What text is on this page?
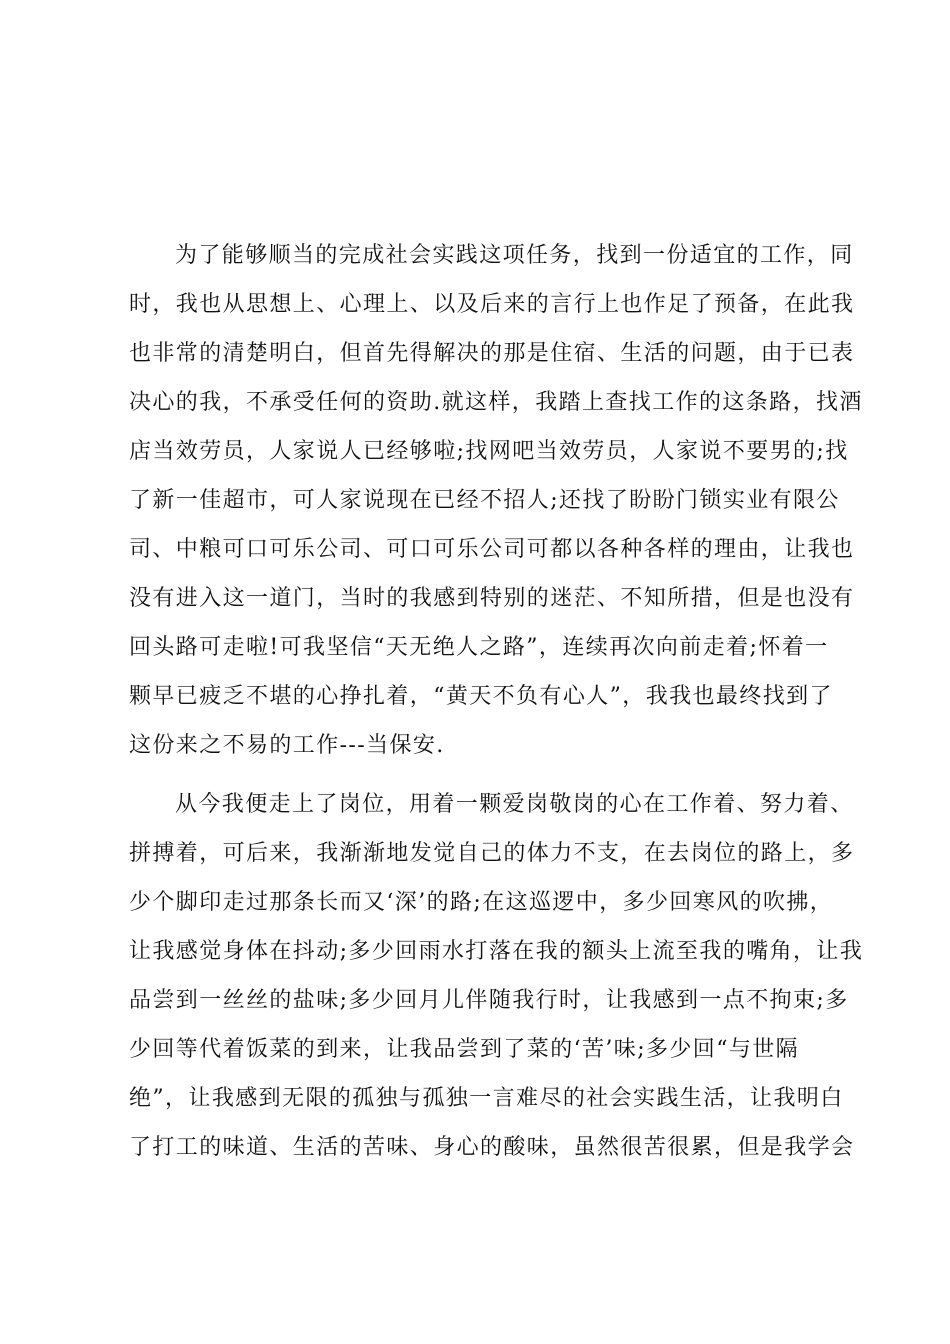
为了能够顺当的完成社会实践这项任务，找到一份适宜的工作，同
时，我也从思想上、心理上、以及后来的言行上也作足了预备，在此我
也非常的清楚明白，但首先得解决的那是住宿、生活的问题，由于已表
决心的我，不承受任何的资助.就这样，我踏上查找工作的这条路，找酒
店当效劳员，人家说人已经够啦;找网吧当效劳员，人家说不要男的;找
了新一佳超市，可人家说现在已经不招人;还找了盼盼门锁实业有限公
司、中粮可口可乐公司、可口可乐公司可都以各种各样的理由，让我也
没有进入这一道门，当时的我感到特别的迷茫、不知所措，但是也没有
回头路可走啦!可我坚信“天无绝人之路”，连续再次向前走着;怀着一
颗早已疲乏不堪的心挣扎着，“黄天不负有心人”，我我也最终找到了
这份来之不易的工作---当保安.
从今我便走上了岗位，用着一颗爱岗敬岗的心在工作着、努力着、
拼搏着，可后来，我渐渐地发觉自己的体力不支，在去岗位的路上，多
少个脚印走过那条长而又‘深’的路;在这巡逻中，多少回寒风的吹拂，
让我感觉身体在抖动;多少回雨水打落在我的额头上流至我的嘴角，让我
品尝到一丝丝的盐味;多少回月儿伴随我行时，让我感到一点不拘束;多
少回等代着饭菜的到来，让我品尝到了菜的‘苦’味;多少回“与世隔
绝”，让我感到无限的孤独与孤独一言难尽的社会实践生活，让我明白
了打工的味道、生活的苦味、身心的酸味，虽然很苦很累，但是我学会
